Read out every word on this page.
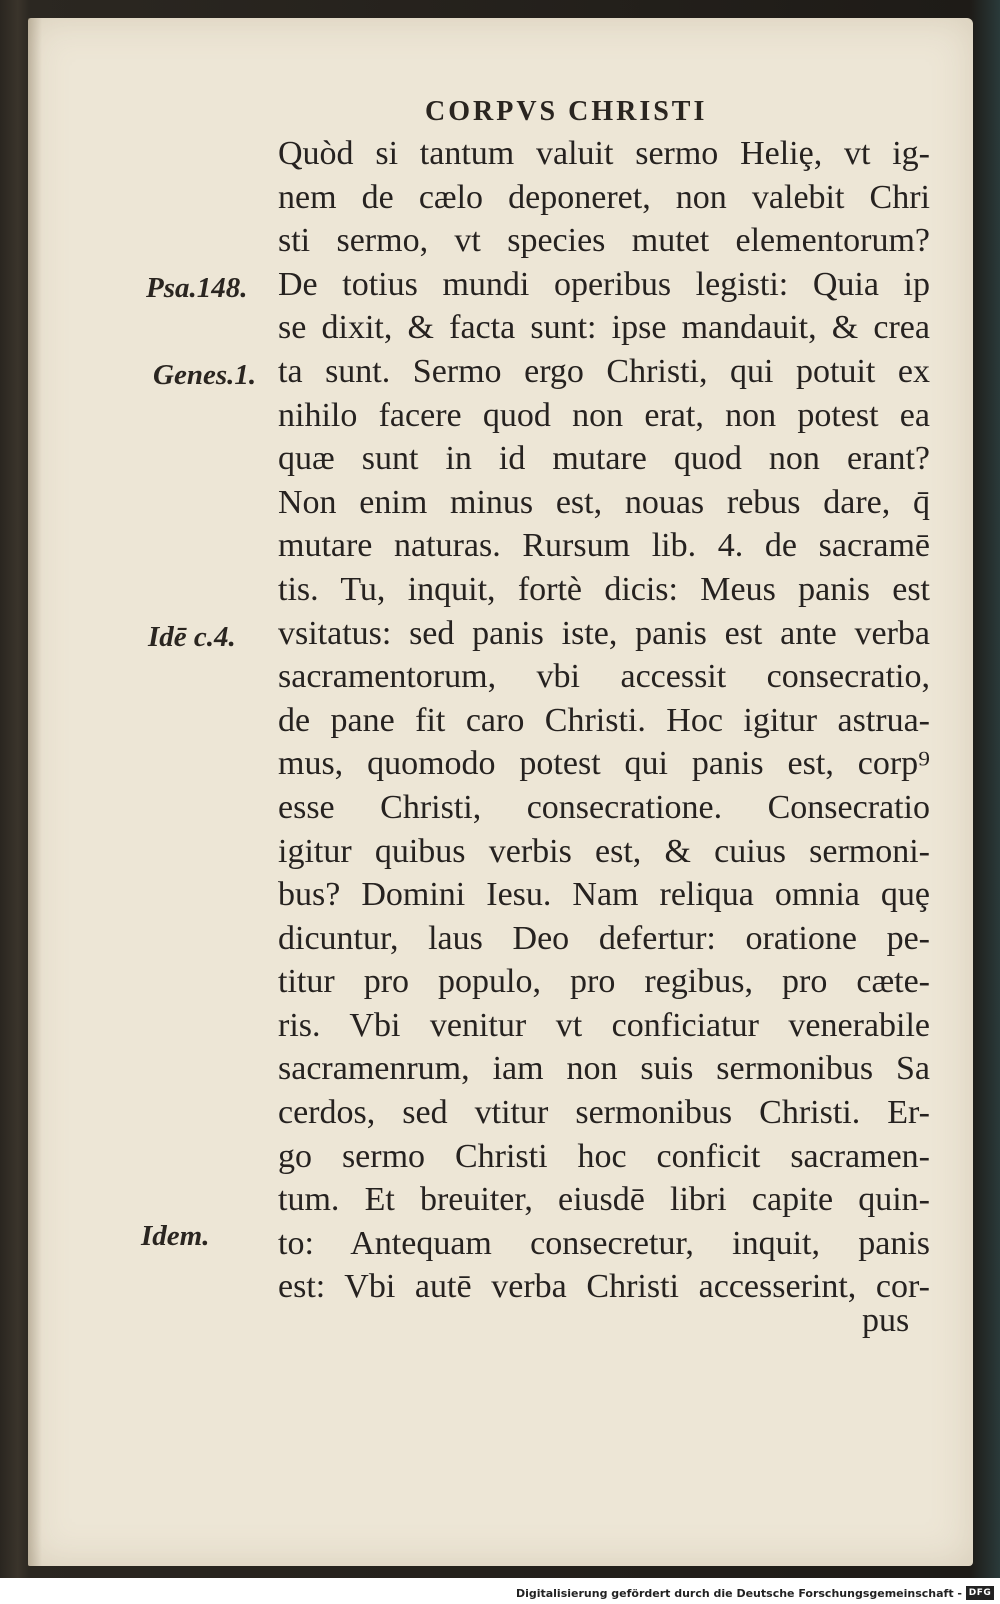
CORPVS CHRISTI
Psa.148.
Genes.1.
Idē c.4.
Idem.
Quòd si tantum valuit sermo Heliȩ, vt ig-
nem de cælo deponeret, non valebit Chri
sti sermo, vt species mutet elementorum?
De totius mundi operibus legisti: Quia ip
se dixit, & facta sunt: ipse mandauit, & crea
ta sunt. Sermo ergo Christi, qui potuit ex
nihilo facere quod non erat, non potest ea
quæ sunt in id mutare quod non erant?
Non enim minus est, nouas rebus dare, q̄
mutare naturas. Rursum lib. 4. de sacramē
tis. Tu, inquit, fortè dicis: Meus panis est
vsitatus: sed panis iste, panis est ante verba
sacramentorum, vbi accessit consecratio,
de pane fit caro Christi. Hoc igitur astrua-
mus, quomodo potest qui panis est, corp⁹
esse Christi, consecratione. Consecratio
igitur quibus verbis est, & cuius sermoni-
bus? Domini Iesu. Nam reliqua omnia quȩ
dicuntur, laus Deo defertur: oratione pe-
titur pro populo, pro regibus, pro cæte-
ris. Vbi venitur vt conficiatur venerabile
sacramenrum, iam non suis sermonibus Sa
cerdos, sed vtitur sermonibus Christi. Er-
go sermo Christi hoc conficit sacramen-
tum. Et breuiter, eiusdē libri capite quin-
to: Antequam consecretur, inquit, panis
est: Vbi autē verba Christi accesserint, cor-
pus
Digitalisierung gefördert durch die Deutsche Forschungsgemeinschaft - DFG
